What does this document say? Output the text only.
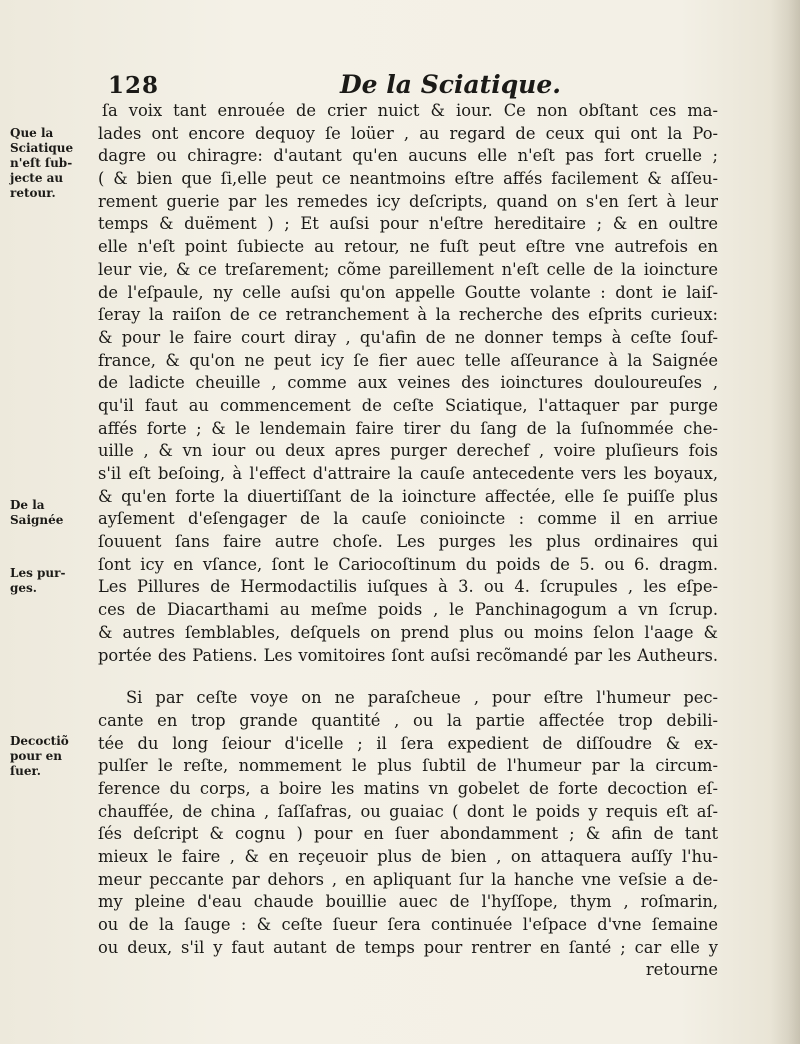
128	De la Sciatique.
Que la
Sciatique
n'eſt ſub-
jecte au
retour.
De la
Saignée
Les pur-
ges.
Decoctiõ
pour en
ſuer.
ſa voix tant enrouée de crier nuict & iour. Ce non obſtant ces ma-
lades ont encore dequoy ſe loüer , au regard de ceux qui ont la Po-
dagre ou chiragre: d'autant qu'en aucuns elle n'eſt pas fort cruelle ;
( & bien que ſi,elle peut ce neantmoins eſtre affés facilement & aſſeu-
rement guerie par les remedes icy deſcripts, quand on s'en ſert à leur
temps & duëment ) ; Et auſsi pour n'eſtre hereditaire ; & en oultre
elle n'eſt point ſubiecte au retour, ne fuſt peut eſtre vne autrefois en
leur vie, & ce treſarement; cõme pareillement n'eſt celle de la ioincture
de l'eſpaule, ny celle auſsi qu'on appelle Goutte volante : dont ie laiſ-
ſeray la raiſon de ce retranchement à la recherche des eſprits curieux:
& pour le faire court diray , qu'afin de ne donner temps à ceſte ſouf-
france, & qu'on ne peut icy ſe fier auec telle aſſeurance à la Saignée
de ladicte cheuille , comme aux veines des ioinctures douloureuſes ,
qu'il faut au commencement de ceſte Sciatique, l'attaquer par purge
affés forte ; & le lendemain faire tirer du ſang de la ſuſnommée che-
uille , & vn iour ou deux apres purger derechef , voire pluſieurs fois
s'il eſt beſoing, à l'effect d'attraire la cauſe antecedente vers les boyaux,
& qu'en forte la diuertiſſant de la ioincture affectée, elle ſe puiſſe plus
ayſement d'eſengager de la cauſe conioincte : comme il en arriue
ſouuent ſans faire autre choſe. Les purges les plus ordinaires qui
ſont icy en vſance, ſont le Cariocoſtinum du poids de 5. ou 6. dragm.
Les Pillures de Hermodactilis iuſques à 3. ou 4. ſcrupules , les eſpe-
ces de Diacarthami au meſme poids , le Panchinagogum a vn ſcrup.
& autres ſemblables, deſquels on prend plus ou moins ſelon l'aage &
portée des Patiens. Les vomitoires ſont auſsi recõmandé par les Autheurs.
Si par ceſte voye on ne paraſcheue , pour eſtre l'humeur pec-
cante en trop grande quantité , ou la partie affectée trop debili-
tée du long ſeiour d'icelle ; il ſera expedient de diſſoudre & ex-
pulſer le reſte, nommement le plus ſubtil de l'humeur par la circum-
ference du corps, a boire les matins vn gobelet de forte decoction eſ-
chauffée, de china , ſaſſafras, ou guaiac ( dont le poids y requis eſt aſ-
ſés deſcript & cognu ) pour en ſuer abondamment ; & afin de tant
mieux le faire , & en reçeuoir plus de bien , on attaquera auſſy l'hu-
meur peccante par dehors , en apliquant ſur la hanche vne veſsie a de-
my pleine d'eau chaude bouillie auec de l'hyſſope, thym , roſmarin,
ou de la ſauge : & ceſte ſueur ſera continuée l'eſpace d'vne ſemaine
ou deux, s'il y faut autant de temps pour rentrer en ſanté ; car elle y
retourne
